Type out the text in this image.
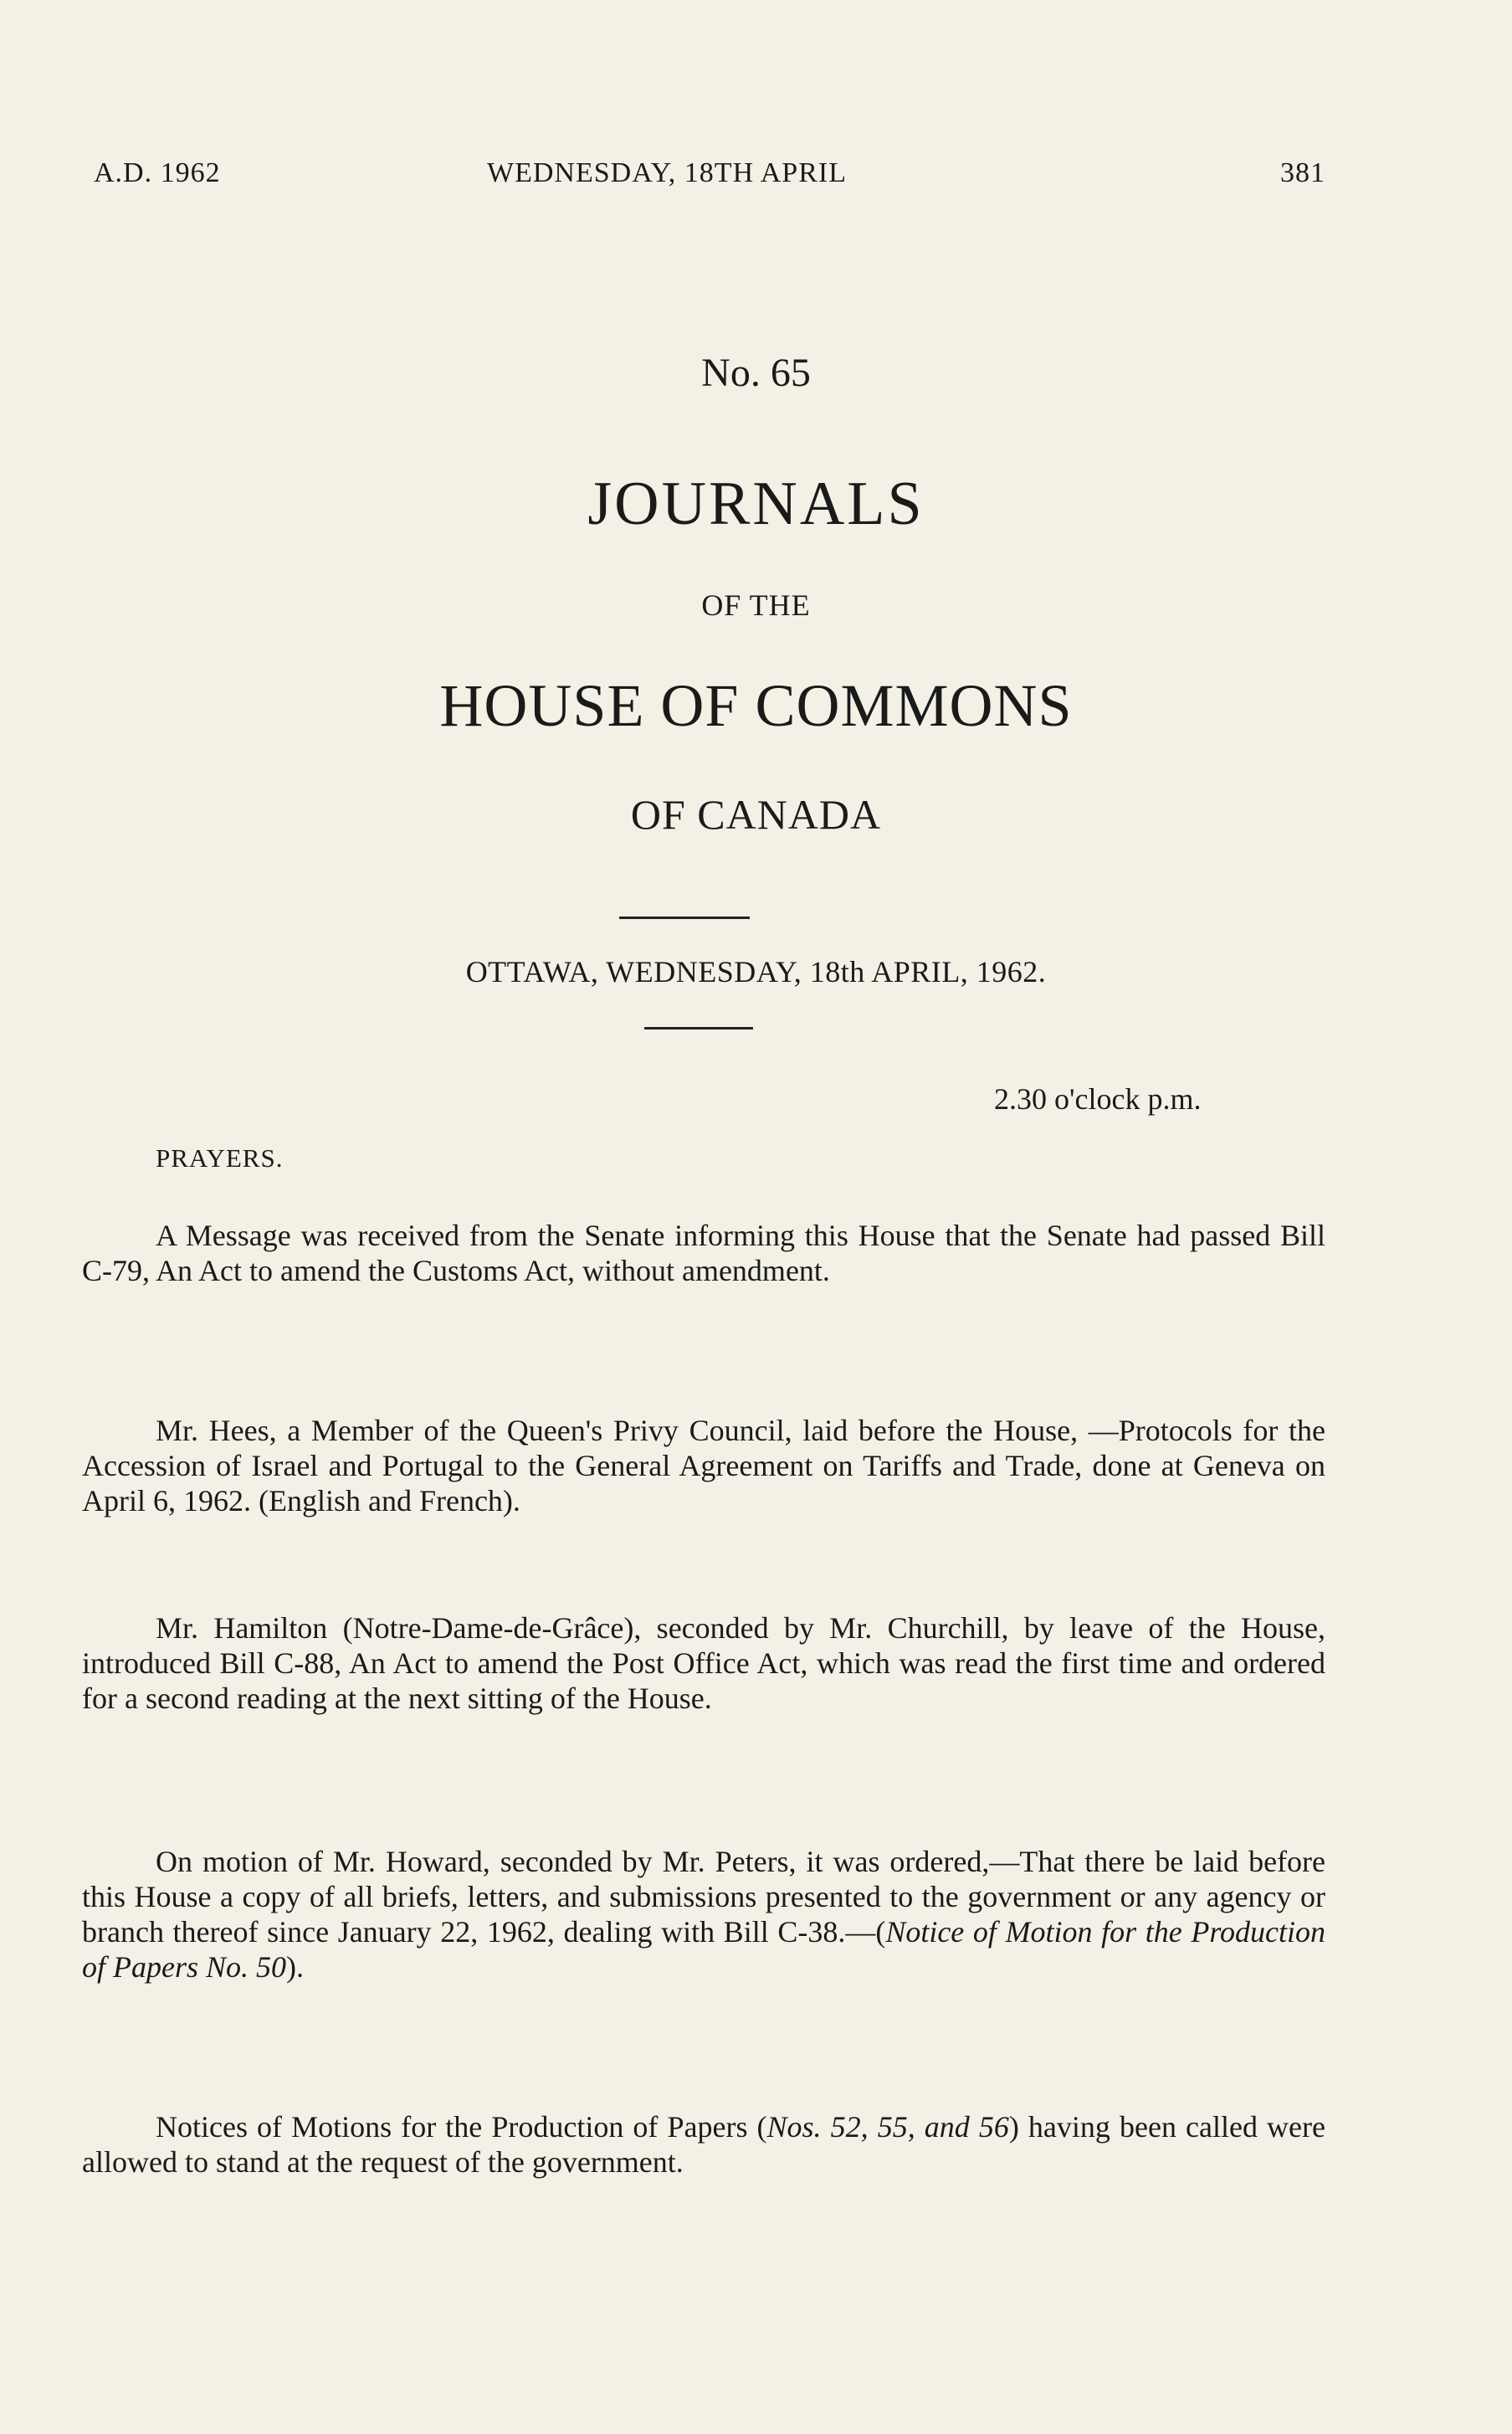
A.D. 1962	WEDNESDAY, 18TH APRIL	381
No. 65
JOURNALS
OF THE
HOUSE OF COMMONS
OF CANADA
OTTAWA, WEDNESDAY, 18th APRIL, 1962.
2.30 o'clock p.m.
PRAYERS.

A Message was received from the Senate informing this House that the Senate had passed Bill C-79, An Act to amend the Customs Act, without amendment.

Mr. Hees, a Member of the Queen's Privy Council, laid before the House, —Protocols for the Accession of Israel and Portugal to the General Agreement on Tariffs and Trade, done at Geneva on April 6, 1962. (English and French).

Mr. Hamilton (Notre-Dame-de-Grâce), seconded by Mr. Churchill, by leave of the House, introduced Bill C-88, An Act to amend the Post Office Act, which was read the first time and ordered for a second reading at the next sitting of the House.

On motion of Mr. Howard, seconded by Mr. Peters, it was ordered,—That there be laid before this House a copy of all briefs, letters, and submissions presented to the government or any agency or branch thereof since January 22, 1962, dealing with Bill C-38.—(Notice of Motion for the Production of Papers No. 50).

Notices of Motions for the Production of Papers (Nos. 52, 55, and 56) having been called were allowed to stand at the request of the government.
